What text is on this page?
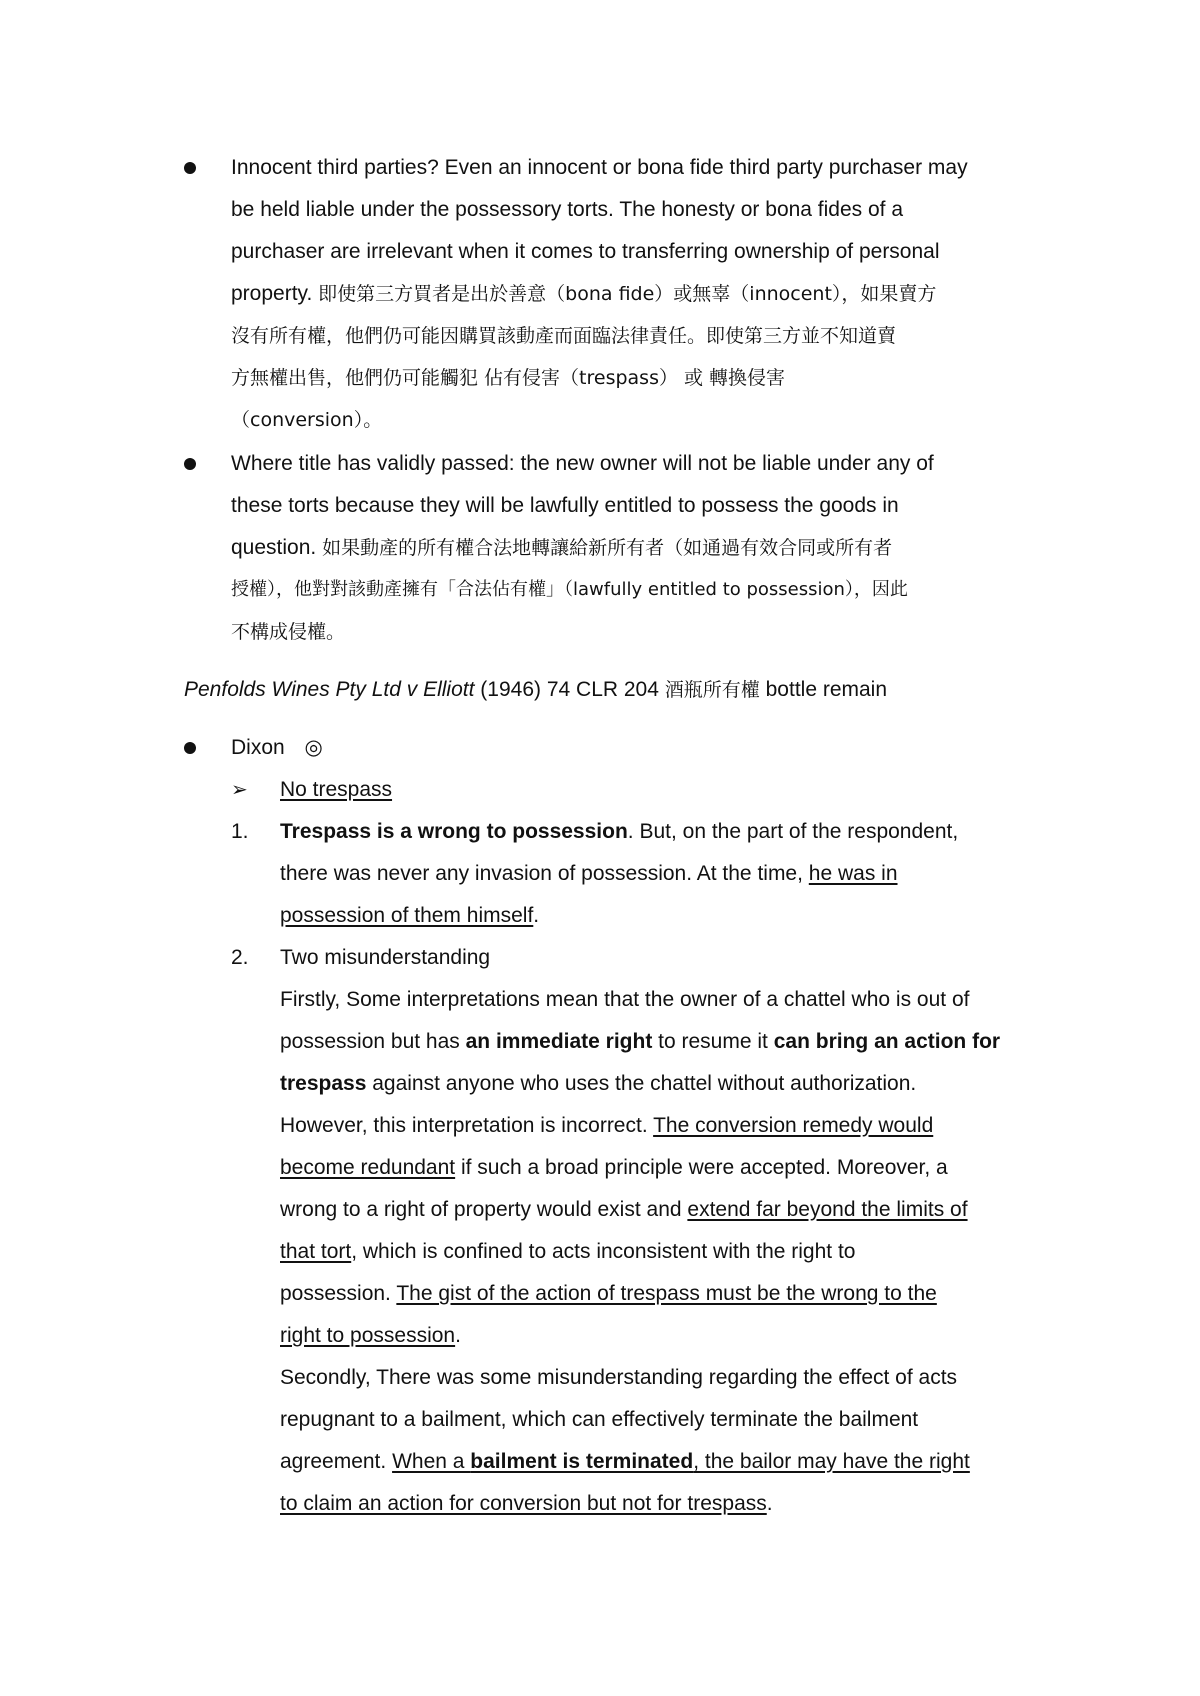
Innocent third parties? Even an innocent or bona fide third party purchaser may
be held liable under the possessory torts. The honesty or bona fides of a
purchaser are irrelevant when it comes to transferring ownership of personal
property. 即使第三方買者是出於善意（bona fide）或無辜（innocent），如果賣方
沒有所有權，他們仍可能因購買該動產而面臨法律責任。即使第三方並不知道賣
方無權出售，他們仍可能觸犯 佔有侵害（trespass） 或 轉換侵害
（conversion）。
Where title has validly passed: the new owner will not be liable under any of
these torts because they will be lawfully entitled to possess the goods in
question. 如果動產的所有權合法地轉讓給新所有者（如通過有效合同或所有者
授權），他對對該動產擁有「合法佔有權」（lawfully entitled to possession），因此
不構成侵權。
Penfolds Wines Pty Ltd v Elliott (1946) 74 CLR 204 酒瓶所有權 bottle remain
Dixon ◎
➢ No trespass
1. Trespass is a wrong to possession. But, on the part of the respondent,
there was never any invasion of possession. At the time, he was in
possession of them himself.
2. Two misunderstanding
Firstly, Some interpretations mean that the owner of a chattel who is out of
possession but has an immediate right to resume it can bring an action for
trespass against anyone who uses the chattel without authorization.
However, this interpretation is incorrect. The conversion remedy would
become redundant if such a broad principle were accepted. Moreover, a
wrong to a right of property would exist and extend far beyond the limits of
that tort, which is confined to acts inconsistent with the right to
possession. The gist of the action of trespass must be the wrong to the
right to possession.
Secondly, There was some misunderstanding regarding the effect of acts
repugnant to a bailment, which can effectively terminate the bailment
agreement. When a bailment is terminated, the bailor may have the right
to claim an action for conversion but not for trespass.
